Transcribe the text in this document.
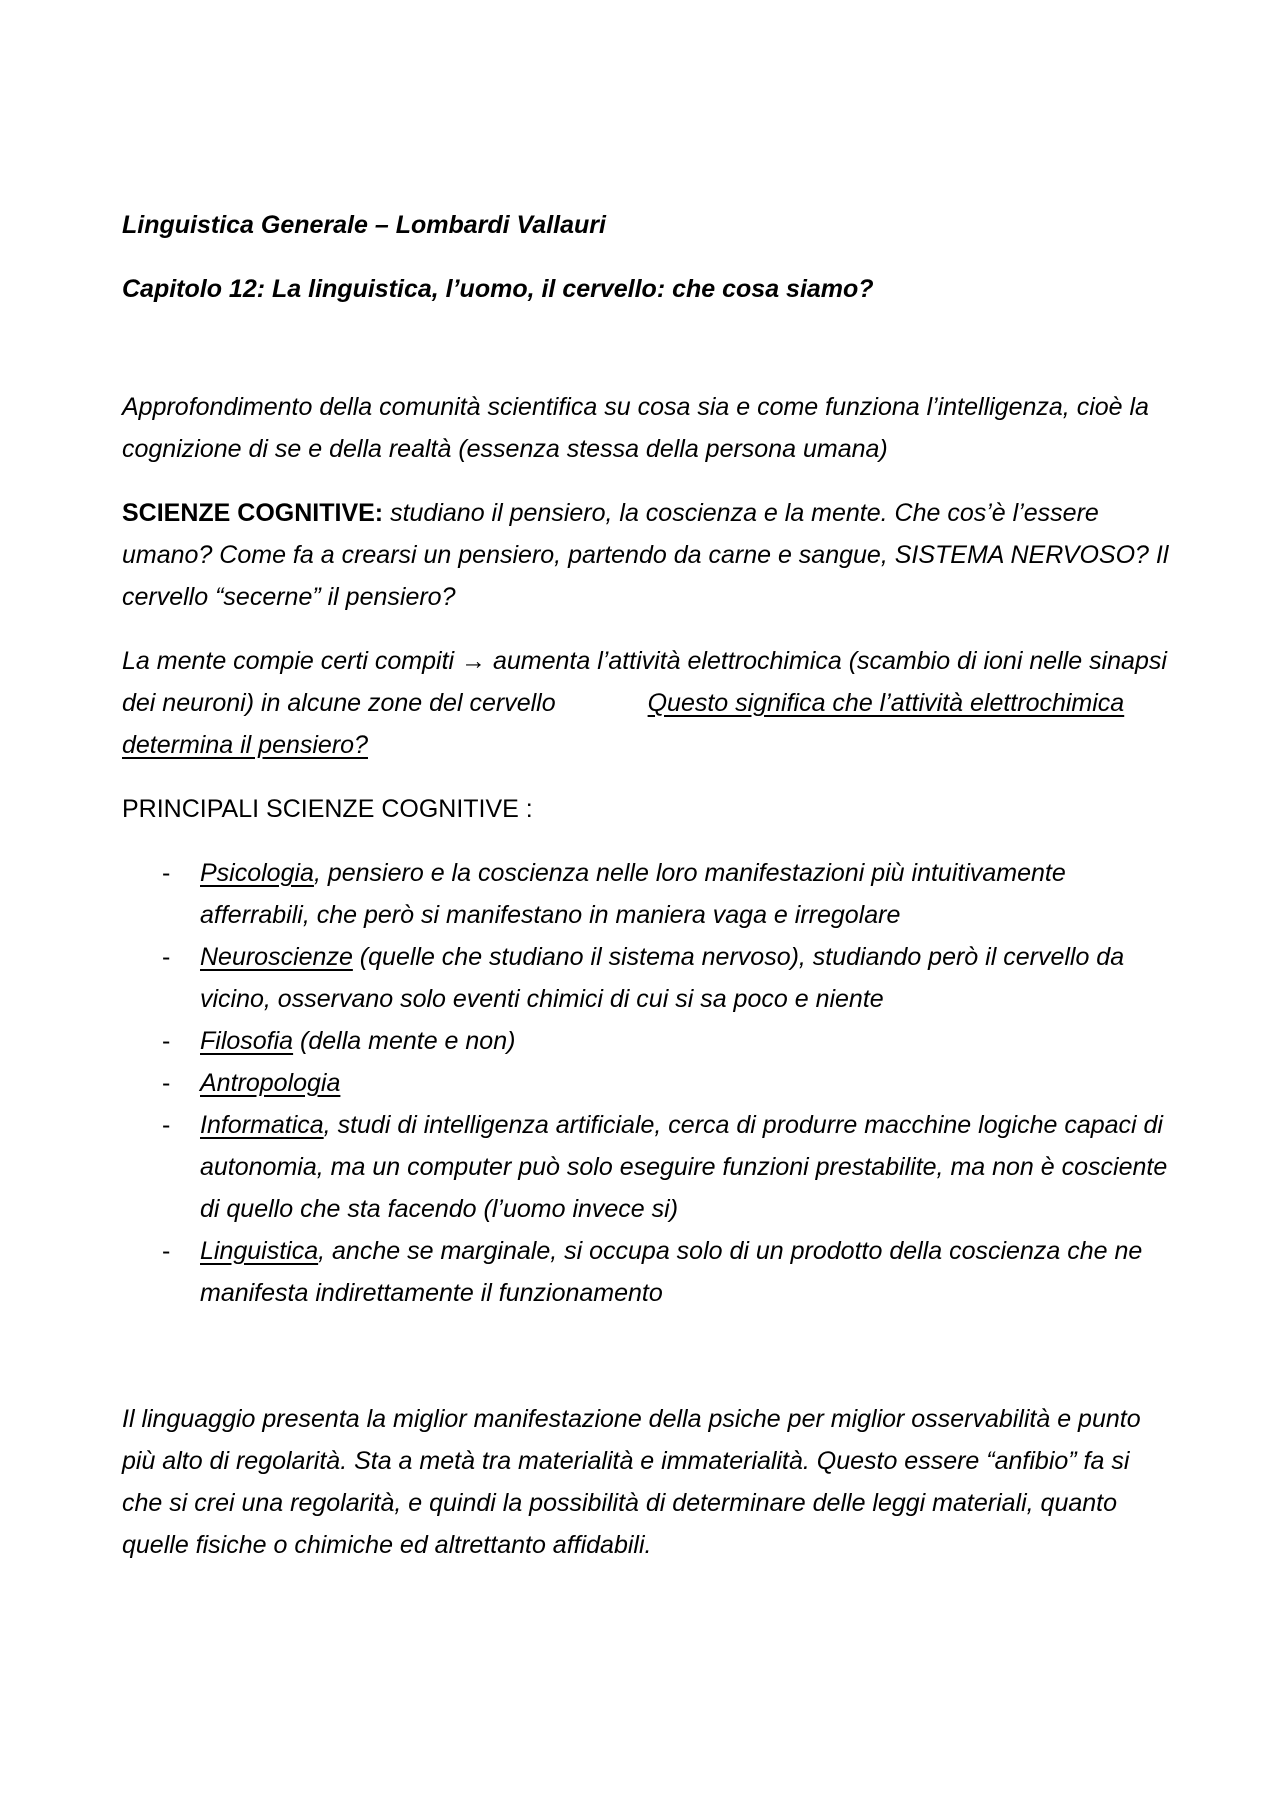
Linguistica Generale – Lombardi Vallauri

Capitolo 12: La linguistica, l’uomo, il cervello: che cosa siamo?

Approfondimento della comunità scientifica su cosa sia e come funziona l’intelligenza, cioè la cognizione di se e della realtà (essenza stessa della persona umana)

SCIENZE COGNITIVE: studiano il pensiero, la coscienza e la mente. Che cos’è l’essere umano? Come fa a crearsi un pensiero, partendo da carne e sangue, SISTEMA NERVOSO? Il cervello “secerne” il pensiero?

La mente compie certi compiti → aumenta l’attività elettrochimica (scambio di ioni nelle sinapsi dei neuroni) in alcune zone del cervello	Questo significa che l’attività elettrochimica determina il pensiero?

PRINCIPALI SCIENZE COGNITIVE :

- Psicologia, pensiero e la coscienza nelle loro manifestazioni più intuitivamente afferrabili, che però si manifestano in maniera vaga e irregolare
- Neuroscienze (quelle che studiano il sistema nervoso), studiando però il cervello da vicino, osservano solo eventi chimici di cui si sa poco e niente
- Filosofia (della mente e non)
- Antropologia
- Informatica, studi di intelligenza artificiale, cerca di produrre macchine logiche capaci di autonomia, ma un computer può solo eseguire funzioni prestabilite, ma non è cosciente di quello che sta facendo (l’uomo invece si)
- Linguistica, anche se marginale, si occupa solo di un prodotto della coscienza che ne manifesta indirettamente il funzionamento

Il linguaggio presenta la miglior manifestazione della psiche per miglior osservabilità e punto più alto di regolarità. Sta a metà tra materialità e immaterialità. Questo essere “anfibio” fa si che si crei una regolarità, e quindi la possibilità di determinare delle leggi materiali, quanto quelle fisiche o chimiche ed altrettanto affidabili.
